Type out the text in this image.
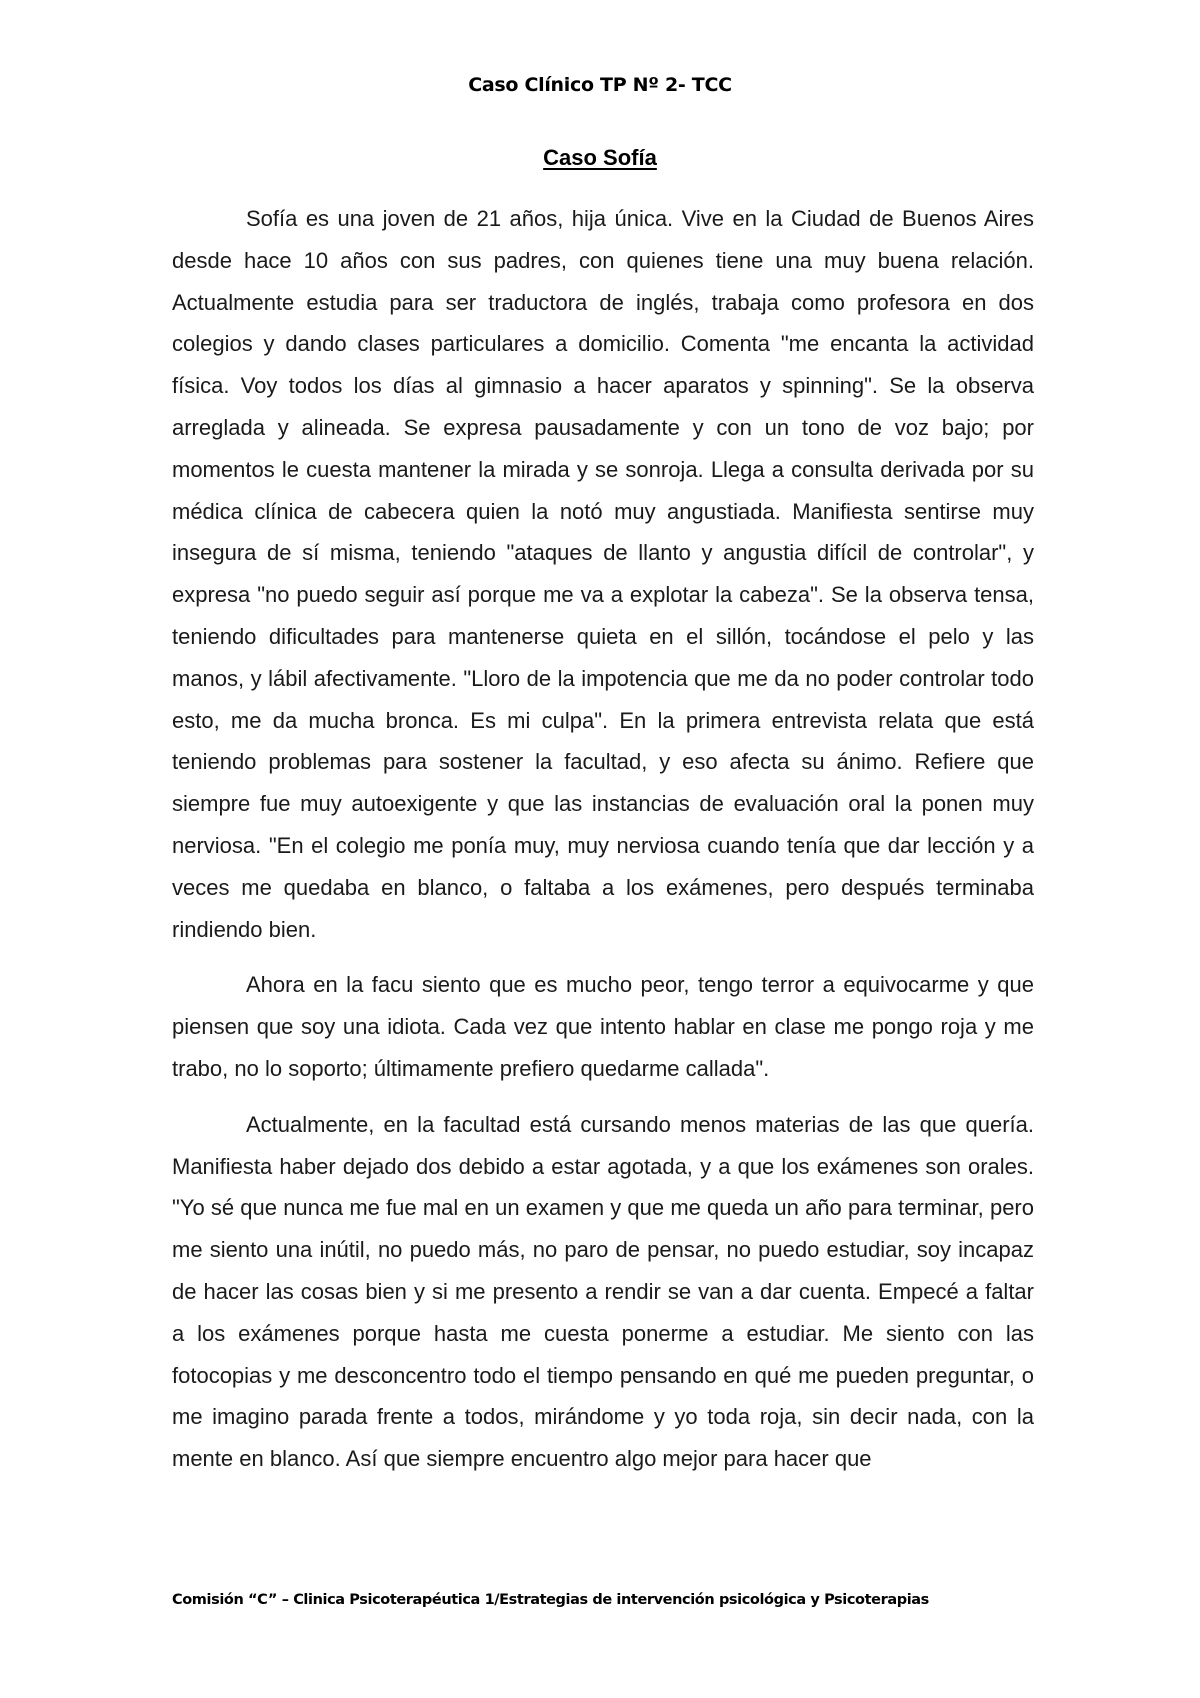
Caso Clínico TP Nº 2- TCC
Caso Sofía

Sofía es una joven de 21 años, hija única. Vive en la Ciudad de Buenos Aires desde hace 10 años con sus padres, con quienes tiene una muy buena relación. Actualmente estudia para ser traductora de inglés, trabaja como profesora en dos colegios y dando clases particulares a domicilio. Comenta "me encanta la actividad física. Voy todos los días al gimnasio a hacer aparatos y spinning". Se la observa arreglada y alineada. Se expresa pausadamente y con un tono de voz bajo; por momentos le cuesta mantener la mirada y se sonroja. Llega a consulta derivada por su médica clínica de cabecera quien la notó muy angustiada. Manifiesta sentirse muy insegura de sí misma, teniendo "ataques de llanto y angustia difícil de controlar", y expresa "no puedo seguir así porque me va a explotar la cabeza". Se la observa tensa, teniendo dificultades para mantenerse quieta en el sillón, tocándose el pelo y las manos, y lábil afectivamente. "Lloro de la impotencia que me da no poder controlar todo esto, me da mucha bronca. Es mi culpa". En la primera entrevista relata que está teniendo problemas para sostener la facultad, y eso afecta su ánimo. Refiere que siempre fue muy autoexigente y que las instancias de evaluación oral la ponen muy nerviosa. "En el colegio me ponía muy, muy nerviosa cuando tenía que dar lección y a veces me quedaba en blanco, o faltaba a los exámenes, pero después terminaba rindiendo bien.

Ahora en la facu siento que es mucho peor, tengo terror a equivocarme y que piensen que soy una idiota. Cada vez que intento hablar en clase me pongo roja y me trabo, no lo soporto; últimamente prefiero quedarme callada".

Actualmente, en la facultad está cursando menos materias de las que quería. Manifiesta haber dejado dos debido a estar agotada, y a que los exámenes son orales. "Yo sé que nunca me fue mal en un examen y que me queda un año para terminar, pero me siento una inútil, no puedo más, no paro de pensar, no puedo estudiar, soy incapaz de hacer las cosas bien y si me presento a rendir se van a dar cuenta. Empecé a faltar a los exámenes porque hasta me cuesta ponerme a estudiar. Me siento con las fotocopias y me desconcentro todo el tiempo pensando en qué me pueden preguntar, o me imagino parada frente a todos, mirándome y yo toda roja, sin decir nada, con la mente en blanco. Así que siempre encuentro algo mejor para hacer que

Comisión “C” – Clinica Psicoterapéutica 1/Estrategias de intervención psicológica y Psicoterapias
